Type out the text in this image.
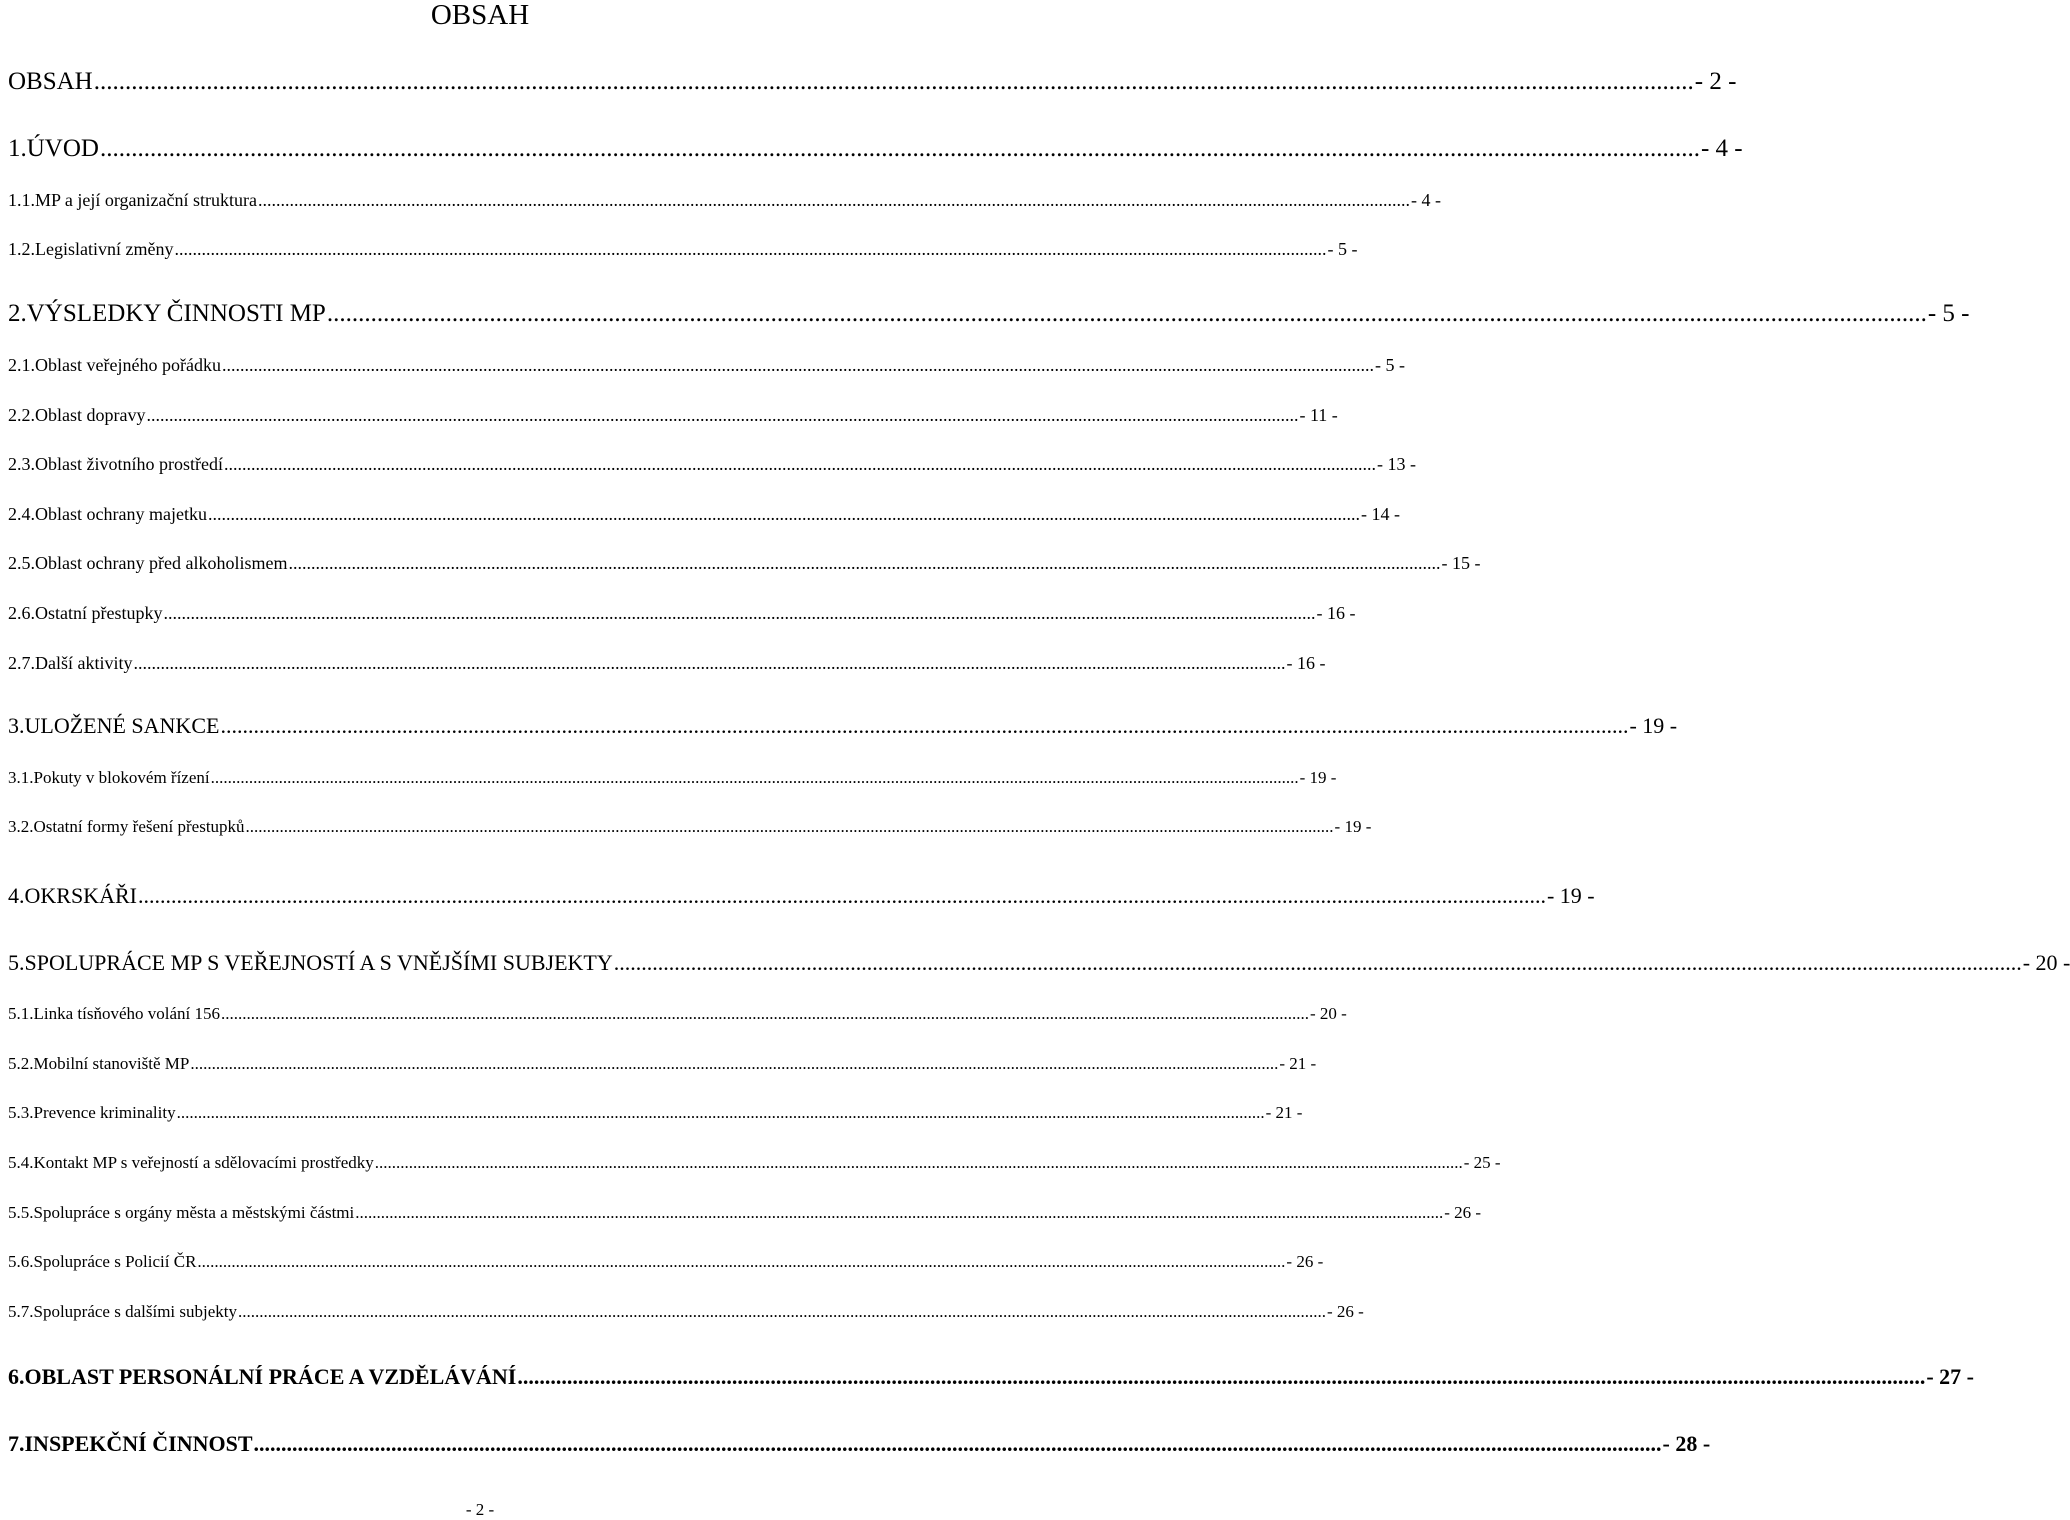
OBSAH
OBSAH .....	- 2 -
1. ÚVOD .....	- 4 -
1.1. MP a její organizační struktura .....	- 4 -
1.2. Legislativní změny .....	- 5 -
2. VÝSLEDKY ČINNOSTI MP .....	- 5 -
2.1. Oblast veřejného pořádku .....	- 5 -
2.2. Oblast dopravy .....	- 11 -
2.3. Oblast životního prostředí .....	- 13 -
2.4. Oblast ochrany majetku .....	- 14 -
2.5. Oblast ochrany před alkoholismem .....	- 15 -
2.6. Ostatní přestupky .....	- 16 -
2.7. Další aktivity .....	- 16 -
3. ULOŽENÉ SANKCE .....	- 19 -
3.1. Pokuty v blokovém řízení .....	- 19 -
3.2. Ostatní formy řešení přestupků .....	- 19 -
4. OKRSKÁŘI .....	- 19 -
5. SPOLUPRÁCE MP S VEŘEJNOSTÍ A S VNĚJŠÍMI SUBJEKTY .....	- 20 -
5.1. Linka tísňového volání 156 .....	- 20 -
5.2. Mobilní stanoviště MP .....	- 21 -
5.3. Prevence kriminality .....	- 21 -
5.4. Kontakt MP s veřejností a sdělovacími prostředky .....	- 25 -
5.5. Spolupráce s orgány města a městskými částmi .....	- 26 -
5.6. Spolupráce s Policií ČR .....	- 26 -
5.7. Spolupráce s dalšími subjekty .....	- 26 -
6. OBLAST PERSONÁLNÍ PRÁCE A VZDĚLÁVÁNÍ .....	- 27 -
7. INSPEKČNÍ ČINNOST .....	- 28 -
- 2 -
